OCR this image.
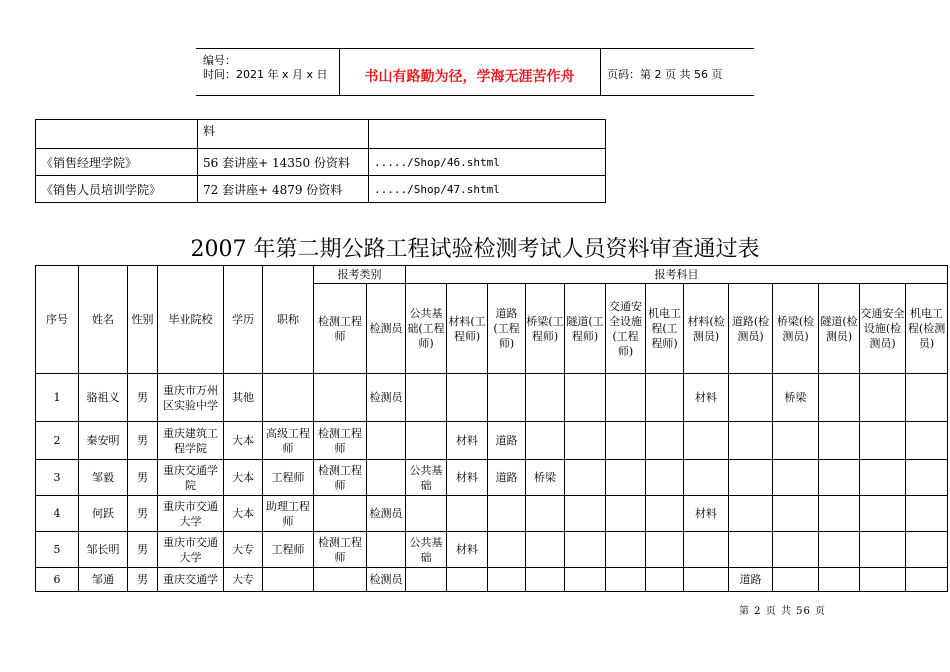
编号：
时间：2021 年 x 月 x 日	书山有路勤为径，学海无涯苦作舟	页码：第 2 页 共 56 页
	料	
《销售经理学院》	56 套讲座+ 14350 份资料	...../Shop/46.shtml
《销售人员培训学院》	72 套讲座+ 4879 份资料	...../Shop/47.shtml
2007 年第二期公路工程试验检测考试人员资料审查通过表
序号	姓名	性别	毕业院校	学历	职称	报考类别		报考科目												
						检测工程师	检测员	公共基础(工程师)	材料(工程师)	道路(工程师)	桥梁(工程师)	隧道(工程师)	交通安全设施(工程师)	机电工程(工程师)	材料(检测员)	道路(检测员)	桥梁(检测员)	隧道(检测员)	交通安全设施(检测员)	机电工程(检测员)
1	骆祖义	男	重庆市万州区实验中学	其他			检测员								材料		桥梁			
2	秦安明	男	重庆建筑工程学院	大本	高级工程师	检测工程师			材料	道路										
3	邹毅	男	重庆交通学院	大本	工程师	检测工程师		公共基础	材料	道路	桥梁									
4	何跃	男	重庆市交通大学	大本	助理工程师		检测员								材料					
5	邹长明	男	重庆市交通大学	大专	工程师	检测工程师		公共基础	材料											
6	邹通	男	重庆交通学	大专			检测员									道路				
第 2 页 共 56 页
